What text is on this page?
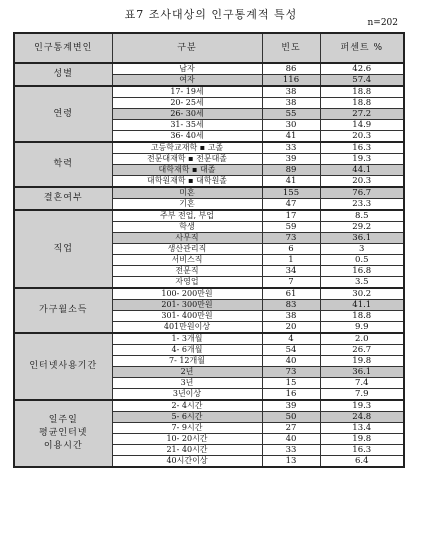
표7 조사대상의 인구통계적 특성
n=202
인구통계변인	구분	빈도	퍼센트 %
성별	남자	86	42.6
	여자	116	57.4
연령	17- 19세	38	18.8
	20- 25세	38	18.8
	26- 30세	55	27.2
	31- 35세	30	14.9
	36- 40세	41	20.3
학력	고등학교재학 ▪ 고졸	33	16.3
	전문대재학 ▪ 전문대졸	39	19.3
	대학재학 ▪ 대졸	89	44.1
	대학원재학 ▪ 대학원졸	41	20.3
결혼여부	미혼	155	76.7
	기혼	47	23.3
직업	주부 전업, 부업	17	8.5
	학생	59	29.2
	사무직	73	36.1
	생산관리직	6	3
	서비스직	1	0.5
	전문직	34	16.8
	자영업	7	3.5
가구월소득	100- 200만원	61	30.2
	201- 300만원	83	41.1
	301- 400만원	38	18.8
	401만원이상	20	9.9
인터넷사용기간	1- 3개월	4	2.0
	4- 6개월	54	26.7
	7- 12개월	40	19.8
	2년	73	36.1
	3년	15	7.4
	3년이상	16	7.9
일주일
평균인터넷
이용시간	2- 4시간	39	19.3
	5- 6시간	50	24.8
	7- 9시간	27	13.4
	10- 20시간	40	19.8
	21- 40시간	33	16.3
	40시간이상	13	6.4
